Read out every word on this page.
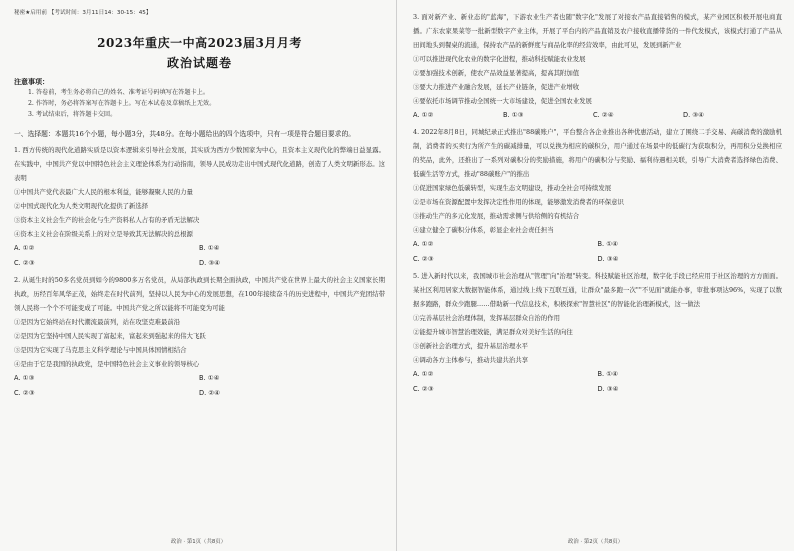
秘密★启用前 【考试时间：3月11日14：30-15：45】
2023年重庆一中高2023届3月月考
政治试题卷
注意事项：
1. 答卷前，考生务必将自己的姓名、准考证号码填写在答题卡上。
2. 作答时，务必将答案写在答题卡上。写在本试卷及草稿纸上无效。
3. 考试结束后，将答题卡交回。
一、选择题：本题共16个小题，每小题3分，共48分。在每小题给出的四个选项中，只有一项是符合题目要求的。
1. 西方传统的现代化道路实质是以资本逻辑来引导社会发展，其实质为西方少数国家为中心，且资本主义现代化的弊端日益显露。在实践中，中国共产党以中国特色社会主义理论体系为行动指南，领导人民成功走出中国式现代化道路，创造了人类文明新形态。这表明
①中国共产党代表最广大人民的根本利益，能够凝聚人民的力量
②中国式现代化为人类文明现代化提供了新选择
③资本主义社会生产的社会化与生产资料私人占有的矛盾无法解决
④资本主义社会在阶级关系上的对立是导致其无法解决的总根源
A. ①②	B. ①④
C. ②③	D. ③④
2. 从诞生时的50多名党员到如今的9800多万名党员，从局部执政到长期全面执政，中国共产党在世界上最大的社会主义国家长期执政，历经百年风华正茂，始终走在时代前列，坚持以人民为中心的发展思想，在100年接续奋斗的历史进程中，中国共产党团结带领人民将一个个不可能变成了可能。中国共产党之所以能将不可能变为可能
①是因为它始终站在时代潮流最前列，站在攻坚克难最前沿
②是因为它坚持中国人民实现了富起来，富起来到强起来的伟大飞跃
③是因为它实现了马克思主义科学理论与中国具体国情相结合
④是由于它是我国的执政党，是中国特色社会主义事业的领导核心
A. ①③	B. ①④
C. ②③	D. ②④
政治 · 第1页（共8页）
3. 面对新产业、新业态的"蓝海"，下游农业生产者也随"数字化"发展了对接农产品直接销售的模式，某产业园区积极开展电商直播。广东农家果菜等一批新型数字产业主体，开展了平台内的产品直销及农户接收直播带货的一件代发模式，该模式打通了产品从田间地头到餐桌的流通，保持农产品的新鲜度与商品化率的经营效率，由此可见，发展到新产业
①可以推进现代化农业的数字化进程，推动科技赋能农业发展
②要加强技术创新，使农产品效益显著提高，提高其附加值
③要大力推进产业融合发展，延长产业链条，促进产业增收
④要依托市场调节推动全国统一大市场建设，促进全国农业发展
A. ①②	B. ①③	C. ②④	D. ③④
4. 2022年8月8日，同城纪录正式推出"88碳账户"，平台整合各企业推出各种优惠活动，建立了围绕二手交易、高碳消费的激励机制，消费者的买卖行为所产生的碳减排量，可以兑换为相应的碳积分，用户通过在场景中的低碳行为获取积分，再用积分兑换相应的奖品，此外，还推出了一系列对碳积分的奖励措施，将用户的碳积分与奖励、福利待遇相关联，引导广大消费者选择绿色消费、低碳生活等方式，推动"88碳账户"的推出
①促进国家绿色低碳转型，实现生态文明建设，推动全社会可持续发展
②是市场在资源配置中发挥决定性作用的体现，能够激发消费者的环保意识
③推动生产的多元化发展，推动需求侧与供给侧的有机结合
④建立健全了碳积分体系，彰显企业社会责任担当
A. ①②	B. ①④
C. ②③	D. ③④
5. 进入新时代以来，我国城市社会治理从"管理"向"治理"转变。科技赋能社区治理，数字化手段已经应用于社区治理的方方面面。某社区利用居家大数据智能体系，通过线上线下互联互通，让群众"最多跑一次""不见面"就能办事，审批事项达96%，实现了以数据多跑路，群众少跑腿……借助新一代信息技术，积极探索"智慧社区"的智能化治理新模式，这一做法
①完善基层社会治理体制，发挥基层群众自治的作用
②能提升城市智慧治理效能，满足群众对美好生活的向往
③创新社会治理方式，提升基层治理水平
④调动各方主体参与，推动共建共治共享
A. ①②	B. ①④
C. ②③	D. ③④
政治 · 第2页（共8页）
